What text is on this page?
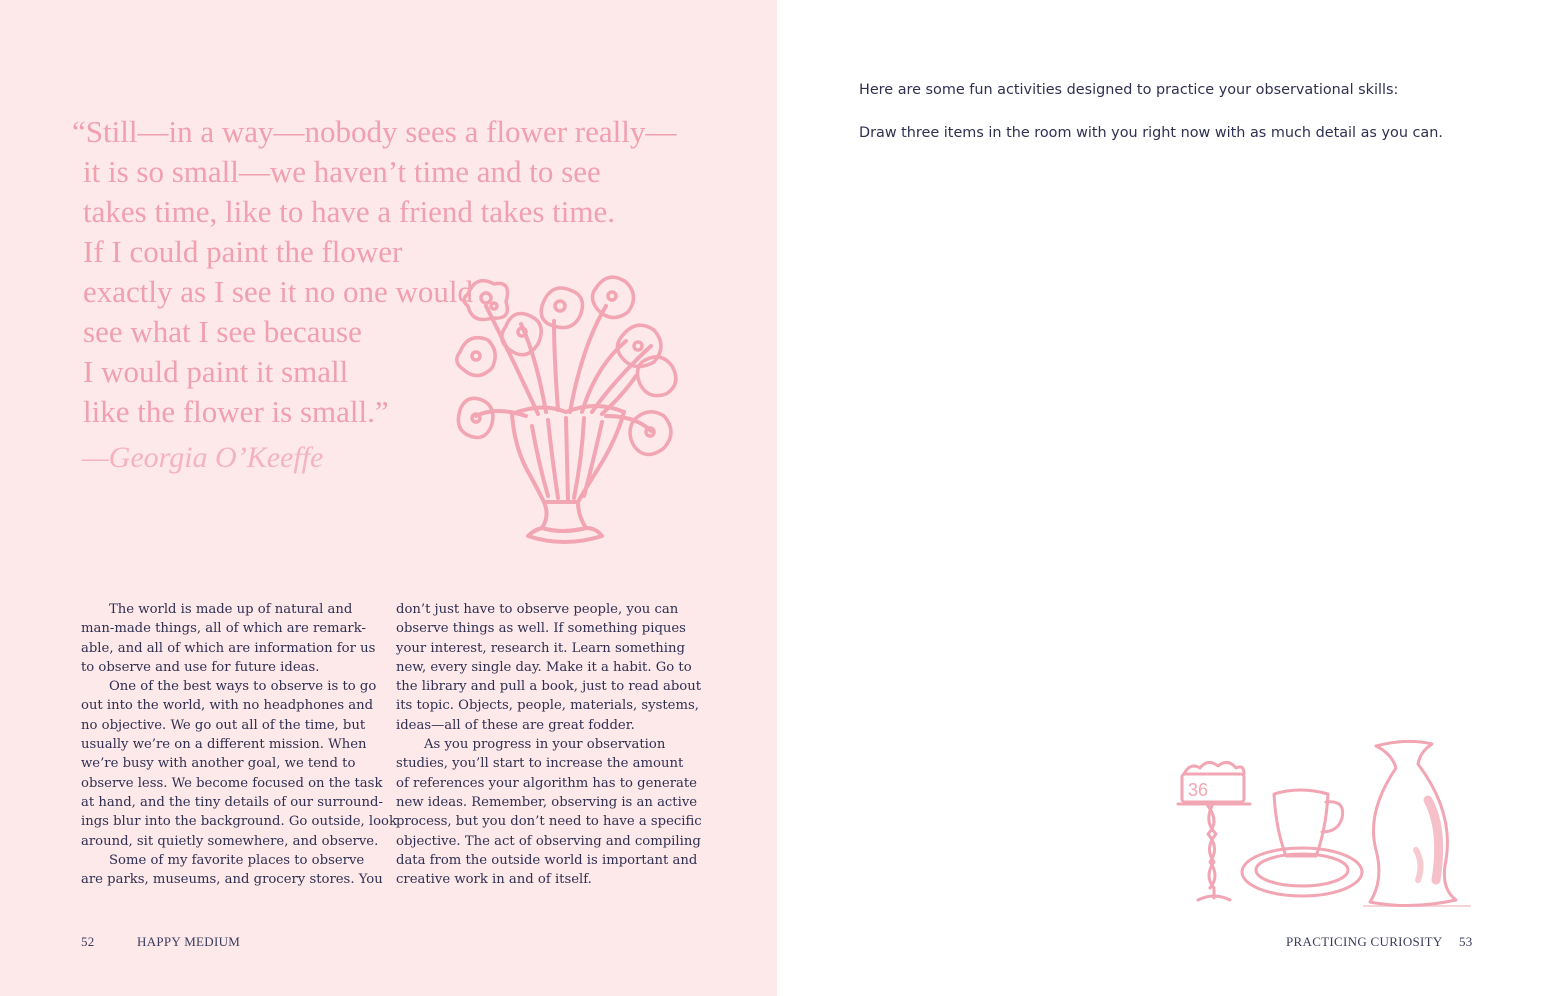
“Still—in a way—nobody sees a flower really—
it is so small—we haven’t time and to see
takes time, like to have a friend takes time.
If I could paint the flower
exactly as I see it no one would
see what I see because
I would paint it small
like the flower is small.”

—Georgia O’Keeffe
The world is made up of natural and
man-made things, all of which are remark-
able, and all of which are information for us
to observe and use for future ideas.
One of the best ways to observe is to go
out into the world, with no headphones and
no objective. We go out all of the time, but
usually we’re on a different mission. When
we’re busy with another goal, we tend to
observe less. We become focused on the task
at hand, and the tiny details of our surround-
ings blur into the background. Go outside, look
around, sit quietly somewhere, and observe.
Some of my favorite places to observe
are parks, museums, and grocery stores. You
don’t just have to observe people, you can
observe things as well. If something piques
your interest, research it. Learn something
new, every single day. Make it a habit. Go to
the library and pull a book, just to read about
its topic. Objects, people, materials, systems,
ideas—all of these are great fodder.
As you progress in your observation
studies, you’ll start to increase the amount
of references your algorithm has to generate
new ideas. Remember, observing is an active
process, but you don’t need to have a specific
objective. The act of observing and compiling
data from the outside world is important and
creative work in and of itself.
52	HAPPY MEDIUM

Here are some fun activities designed to practice your observational skills:

Draw three items in the room with you right now with as much detail as you can.

36
PRACTICING CURIOSITY 53
